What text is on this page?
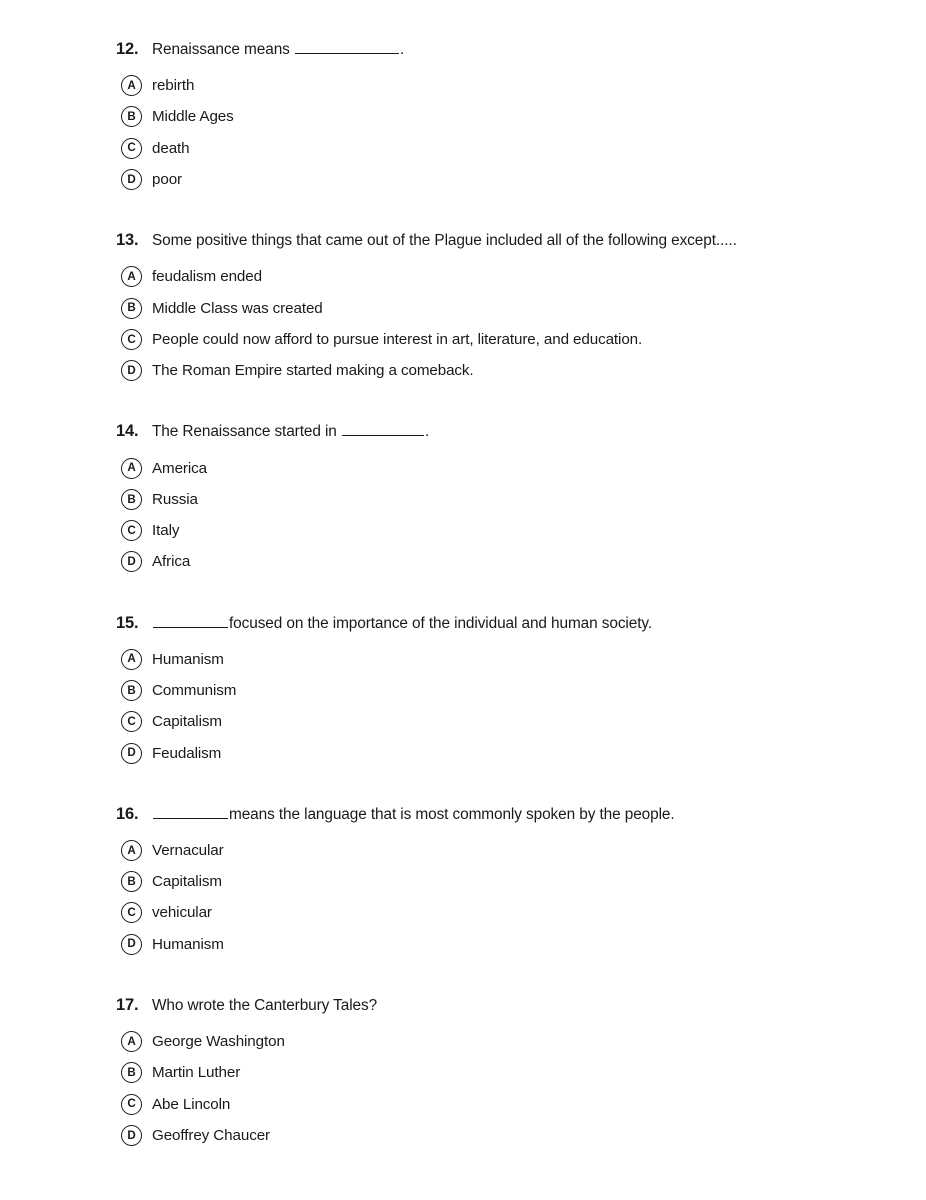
12. Renaissance means	.
A	rebirth
B	Middle Ages
C	death
D	poor
13. Some positive things that came out of the Plague included all of the following except.....
A	feudalism ended
B	Middle Class was created
C	People could now afford to pursue interest in art, literature, and education.
D	The Roman Empire started making a comeback.
14. The Renaissance started in	.
A	America
B	Russia
C	Italy
D	Africa
15.	focused on the importance of the individual and human society.
A	Humanism
B	Communism
C	Capitalism
D	Feudalism
16.	means the language that is most commonly spoken by the people.
A	Vernacular
B	Capitalism
C	vehicular
D	Humanism
17. Who wrote the Canterbury Tales?
A	George Washington
B	Martin Luther
C	Abe Lincoln
D	Geoffrey Chaucer
